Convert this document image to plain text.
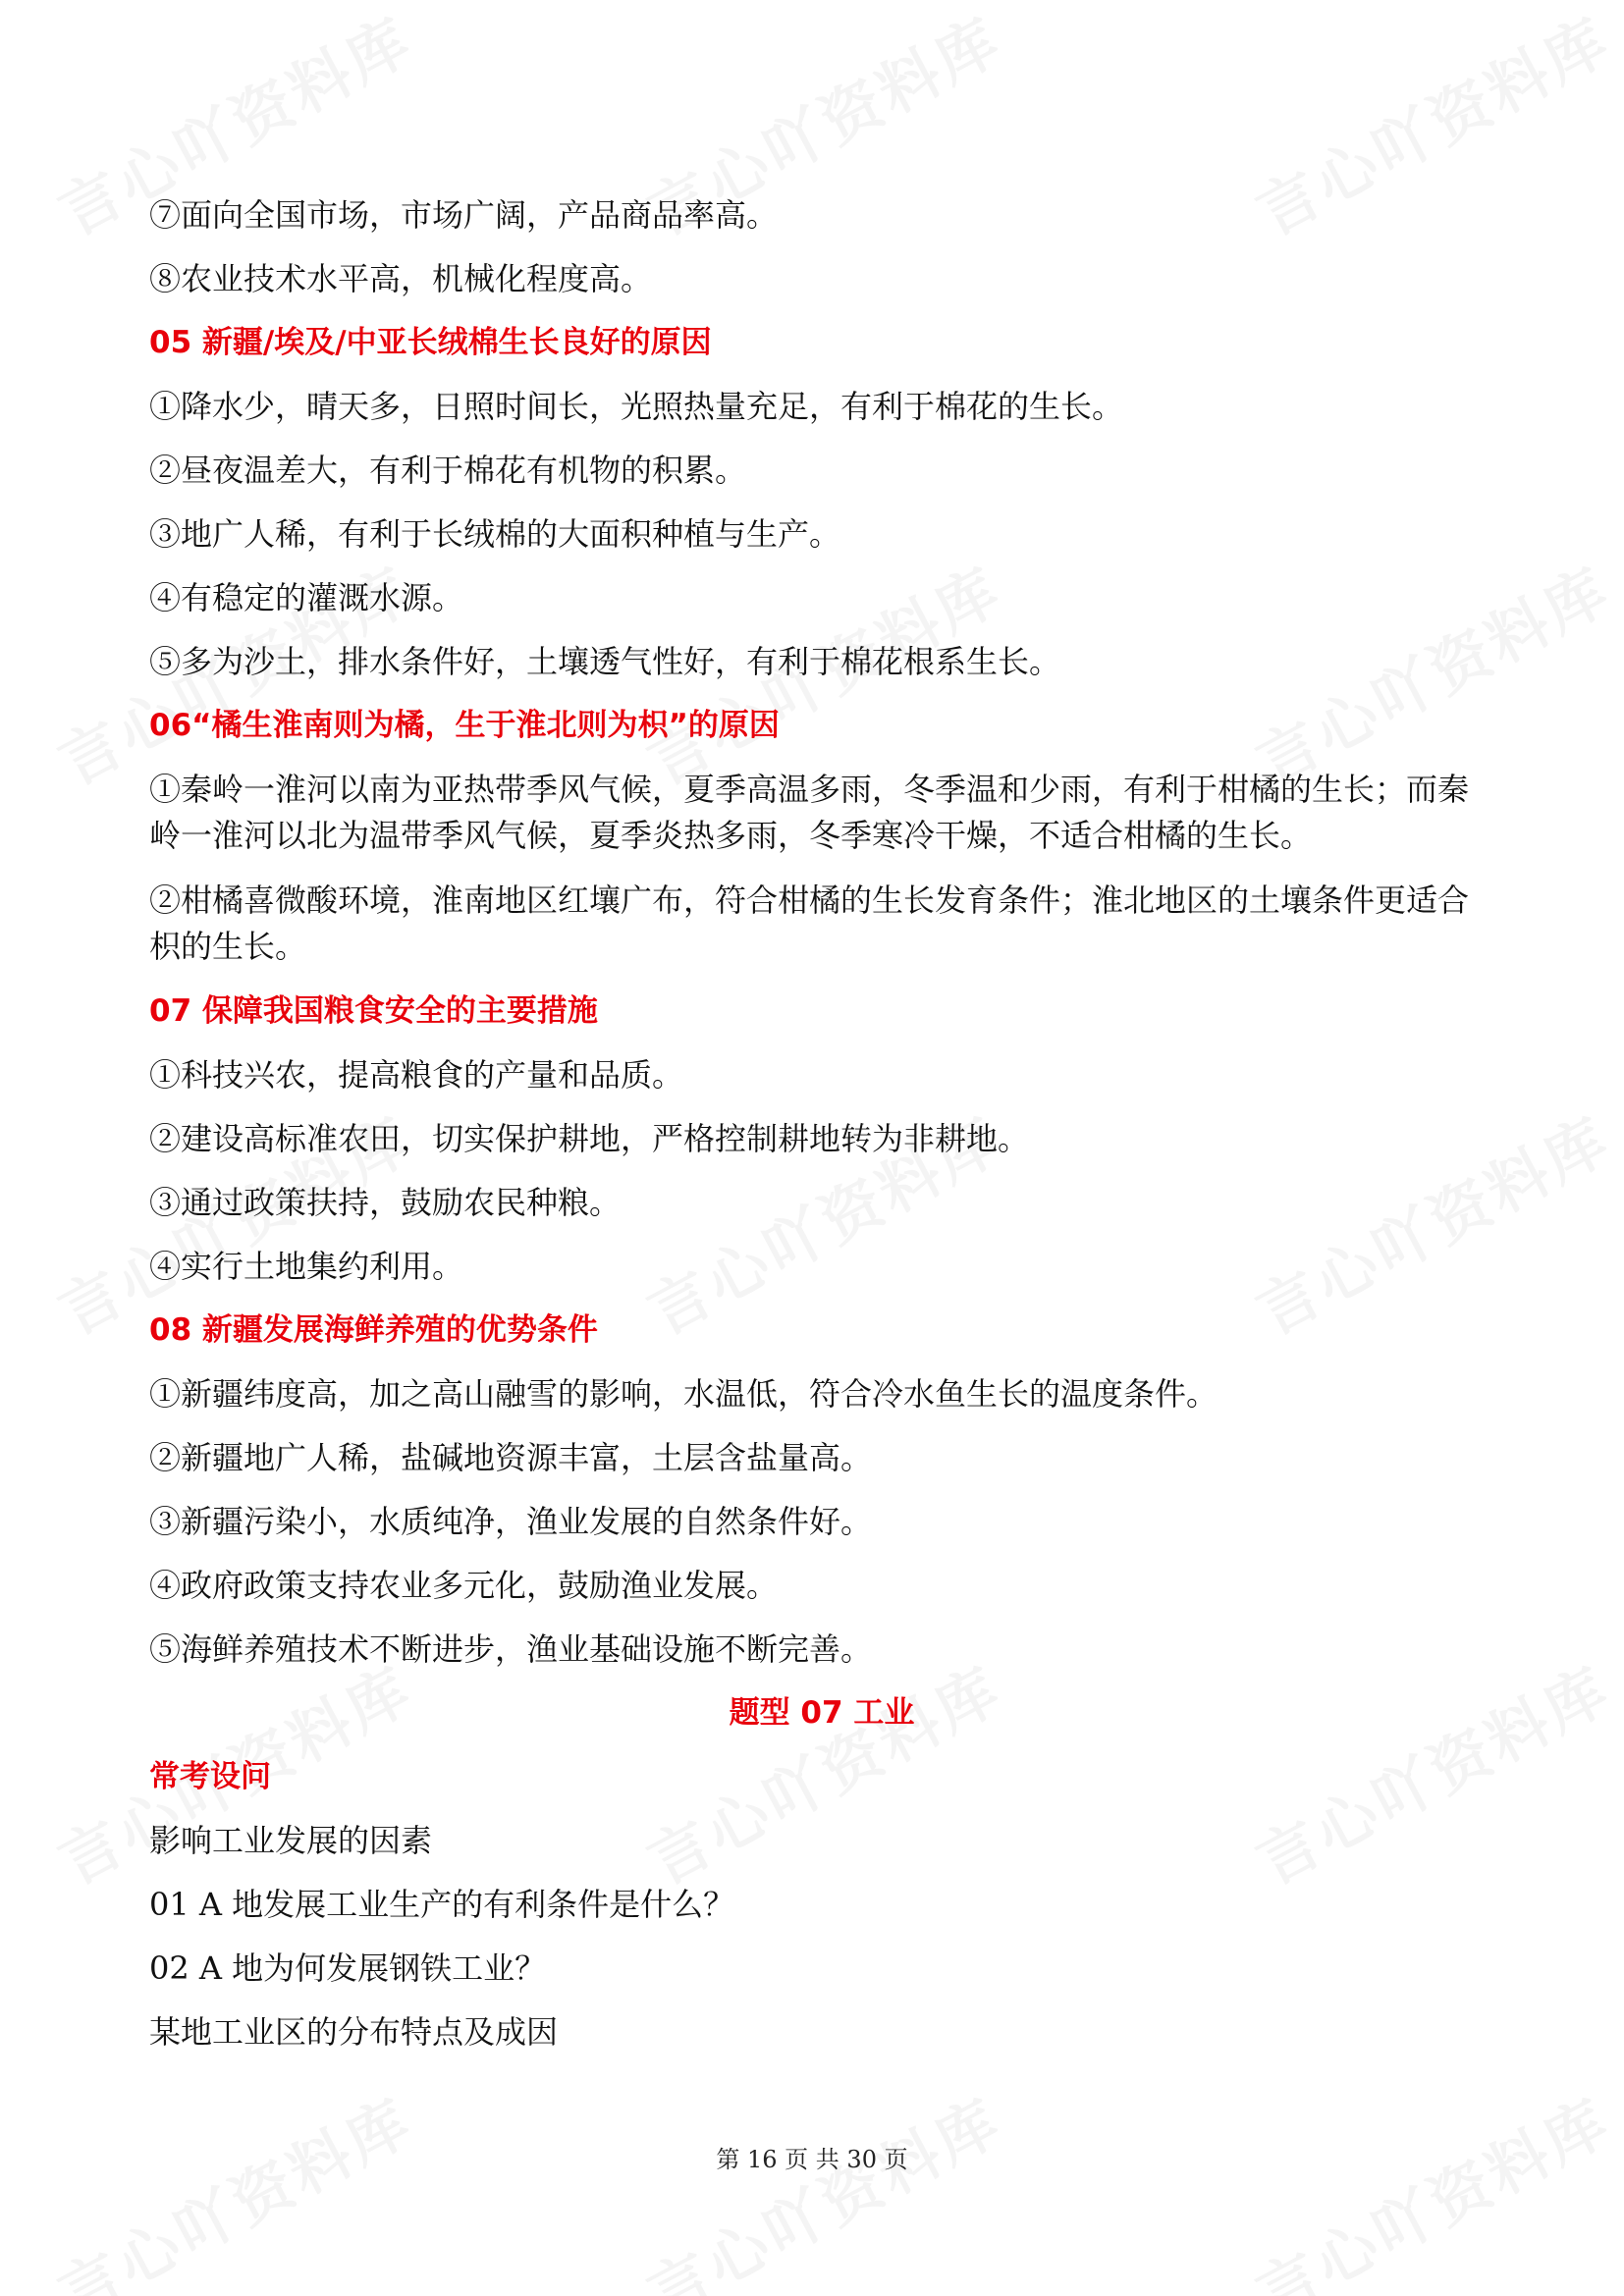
⑦面向全国市场，市场广阔，产品商品率高。
⑧农业技术水平高，机械化程度高。
05 新疆/埃及/中亚长绒棉生长良好的原因
①降水少，晴天多，日照时间长，光照热量充足，有利于棉花的生长。
②昼夜温差大，有利于棉花有机物的积累。
③地广人稀，有利于长绒棉的大面积种植与生产。
④有稳定的灌溉水源。
⑤多为沙土，排水条件好，土壤透气性好，有利于棉花根系生长。
06“橘生淮南则为橘，生于淮北则为枳”的原因
①秦岭一淮河以南为亚热带季风气候，夏季高温多雨，冬季温和少雨，有利于柑橘的生长；而秦岭一淮河以北为温带季风气候，夏季炎热多雨，冬季寒冷干燥，不适合柑橘的生长。
②柑橘喜微酸环境，淮南地区红壤广布，符合柑橘的生长发育条件；淮北地区的土壤条件更适合枳的生长。
07 保障我国粮食安全的主要措施
①科技兴农，提高粮食的产量和品质。
②建设高标准农田，切实保护耕地，严格控制耕地转为非耕地。
③通过政策扶持，鼓励农民种粮。
④实行土地集约利用。
08 新疆发展海鲜养殖的优势条件
①新疆纬度高，加之高山融雪的影响，水温低，符合冷水鱼生长的温度条件。
②新疆地广人稀，盐碱地资源丰富，土层含盐量高。
③新疆污染小，水质纯净，渔业发展的自然条件好。
④政府政策支持农业多元化，鼓励渔业发展。
⑤海鲜养殖技术不断进步，渔业基础设施不断完善。
题型 07 工业
常考设问
影响工业发展的因素
01 A 地发展工业生产的有利条件是什么？
02 A 地为何发展钢铁工业？
某地工业区的分布特点及成因
第 16 页 共 30 页
